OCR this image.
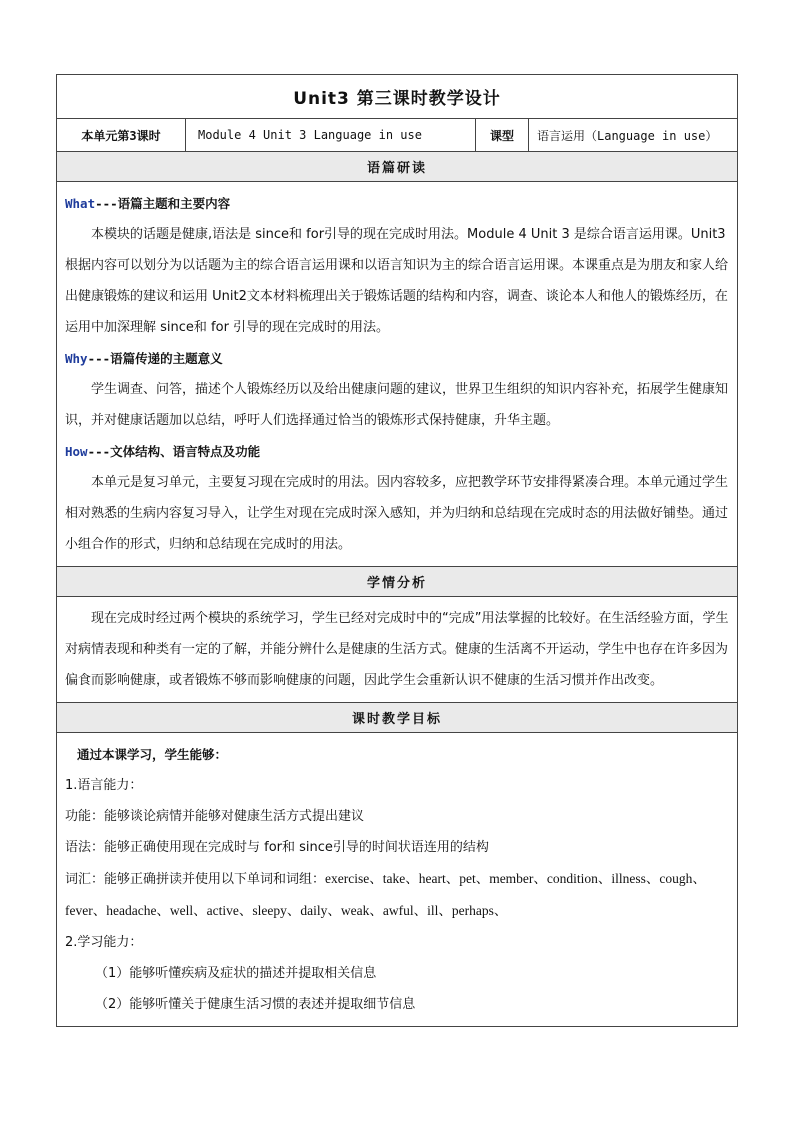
Unit3 第三课时教学设计
本单元第3课时	Module 4 Unit 3 Language in use	课型	语言运用（Language in use）
语篇研读

What---语篇主题和主要内容

本模块的话题是健康,语法是 since和 for引导的现在完成时用法。Module 4 Unit 3 是综合语言运用课。Unit3根据内容可以划分为以话题为主的综合语言运用课和以语言知识为主的综合语言运用课。本课重点是为朋友和家人给出健康锻炼的建议和运用 Unit2文本材料梳理出关于锻炼话题的结构和内容，调查、谈论本人和他人的锻炼经历，在运用中加深理解 since和 for 引导的现在完成时的用法。

Why---语篇传递的主题意义

学生调查、问答，描述个人锻炼经历以及给出健康问题的建议，世界卫生组织的知识内容补充，拓展学生健康知识，并对健康话题加以总结，呼吁人们选择通过恰当的锻炼形式保持健康，升华主题。

How---文体结构、语言特点及功能

本单元是复习单元，主要复习现在完成时的用法。因内容较多，应把教学环节安排得紧凑合理。本单元通过学生相对熟悉的生病内容复习导入，让学生对现在完成时深入感知，并为归纳和总结现在完成时态的用法做好铺垫。通过小组合作的形式，归纳和总结现在完成时的用法。

学情分析

现在完成时经过两个模块的系统学习，学生已经对完成时中的“完成”用法掌握的比较好。在生活经验方面，学生对病情表现和种类有一定的了解，并能分辨什么是健康的生活方式。健康的生活离不开运动，学生中也存在许多因为偏食而影响健康，或者锻炼不够而影响健康的问题，因此学生会重新认识不健康的生活习惯并作出改变。

课时教学目标

通过本课学习，学生能够：

1.语言能力：

功能：能够谈论病情并能够对健康生活方式提出建议

语法：能够正确使用现在完成时与 for和 since引导的时间状语连用的结构

词汇：能够正确拼读并使用以下单词和词组：exercise、take、heart、pet、member、condition、illness、cough、fever、headache、well、active、sleepy、daily、weak、awful、ill、perhaps、

2.学习能力：

（1）能够听懂疾病及症状的描述并提取相关信息

（2）能够听懂关于健康生活习惯的表述并提取细节信息
